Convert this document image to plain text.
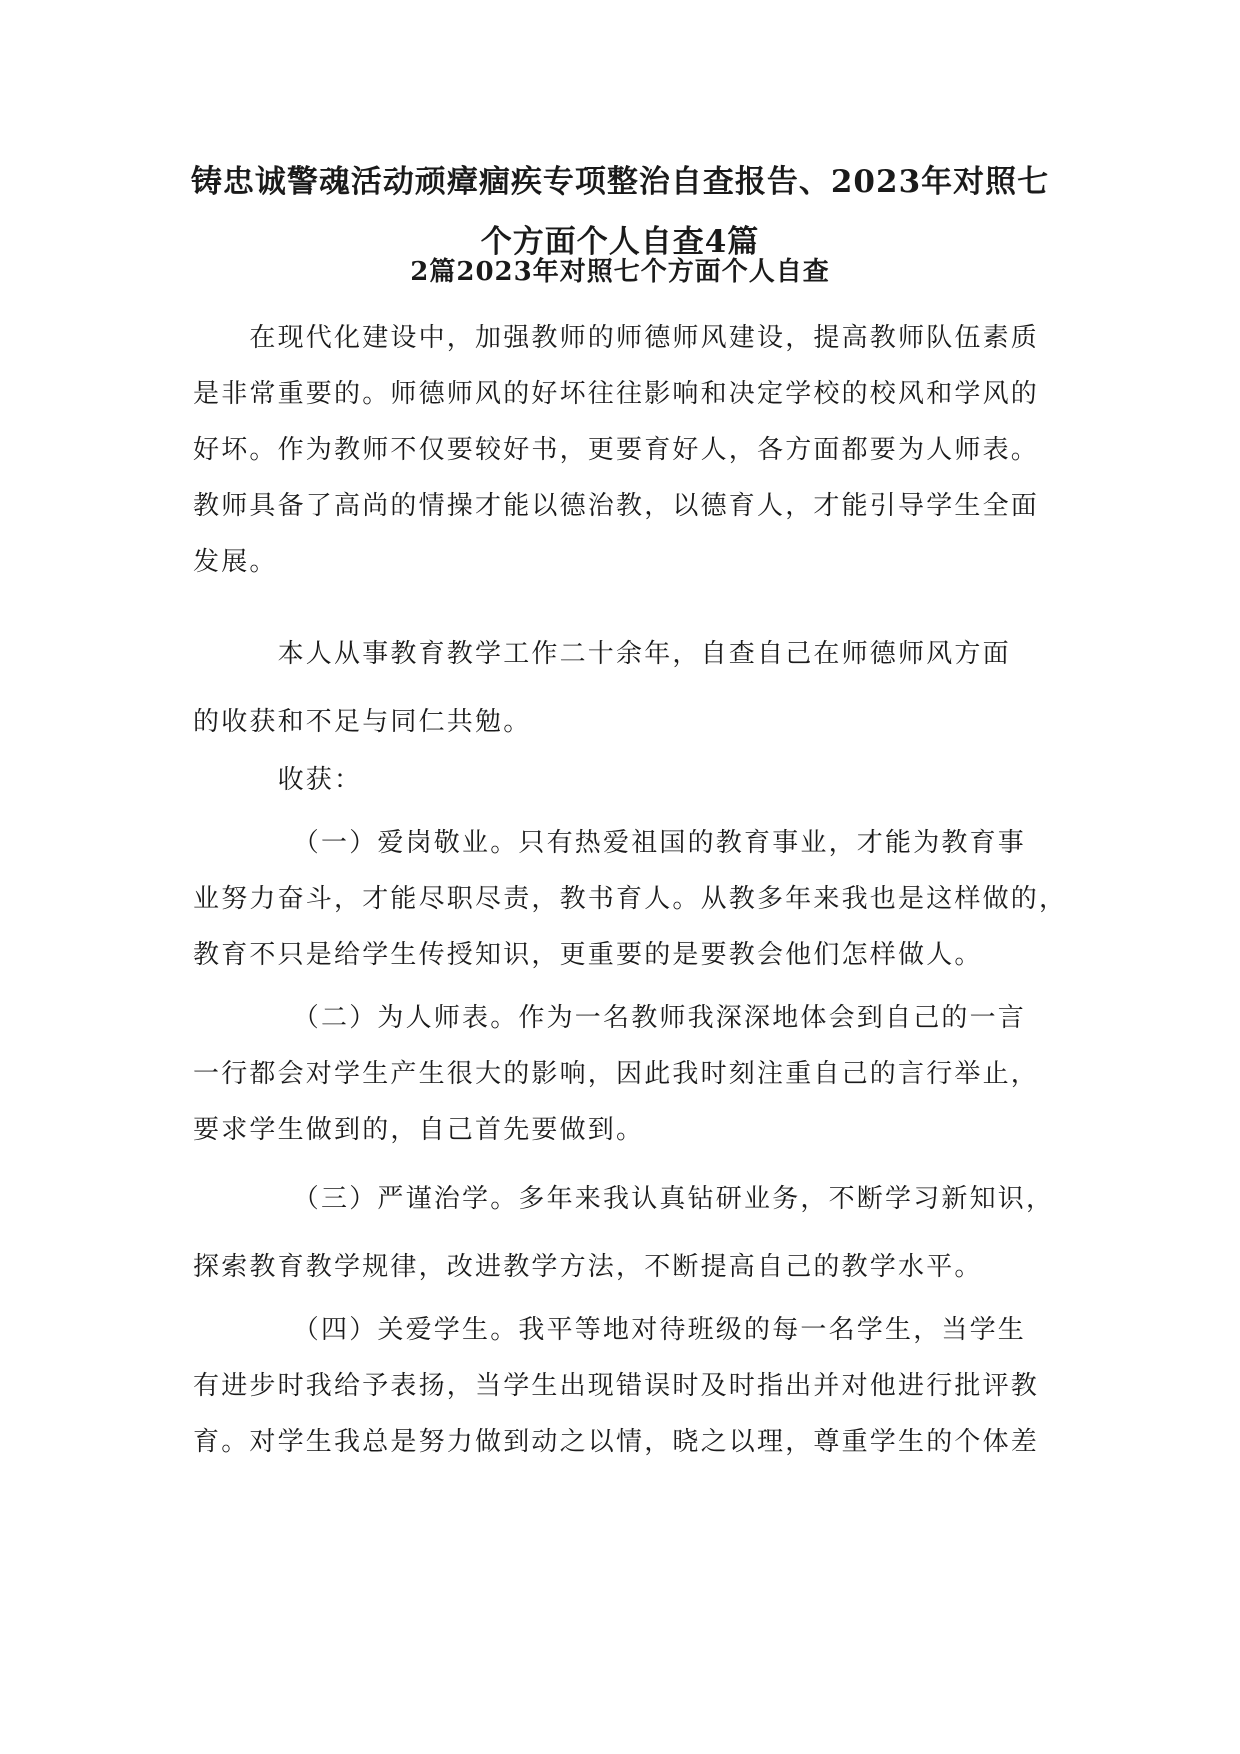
铸忠诚警魂活动顽瘴痼疾专项整治自查报告、2023年对照七
个方面个人自查4篇
2篇2023年对照七个方面个人自查
　　在现代化建设中，加强教师的师德师风建设，提高教师队伍素质
是非常重要的。师德师风的好坏往往影响和决定学校的校风和学风的
好坏。作为教师不仅要较好书，更要育好人，各方面都要为人师表。
教师具备了高尚的情操才能以德治教，以德育人，才能引导学生全面
发展。
　　　本人从事教育教学工作二十余年，自查自己在师德师风方面
的收获和不足与同仁共勉。
　　　收获：
　　　　（一）爱岗敬业。只有热爱祖国的教育事业，才能为教育事
业努力奋斗，才能尽职尽责，教书育人。从教多年来我也是这样做的，
教育不只是给学生传授知识，更重要的是要教会他们怎样做人。
　　　　（二）为人师表。作为一名教师我深深地体会到自己的一言
一行都会对学生产生很大的影响，因此我时刻注重自己的言行举止，
要求学生做到的，自己首先要做到。
　　　　（三）严谨治学。多年来我认真钻研业务，不断学习新知识，
探索教育教学规律，改进教学方法，不断提高自己的教学水平。
　　　　（四）关爱学生。我平等地对待班级的每一名学生，当学生
有进步时我给予表扬，当学生出现错误时及时指出并对他进行批评教
育。对学生我总是努力做到动之以情，晓之以理，尊重学生的个体差
